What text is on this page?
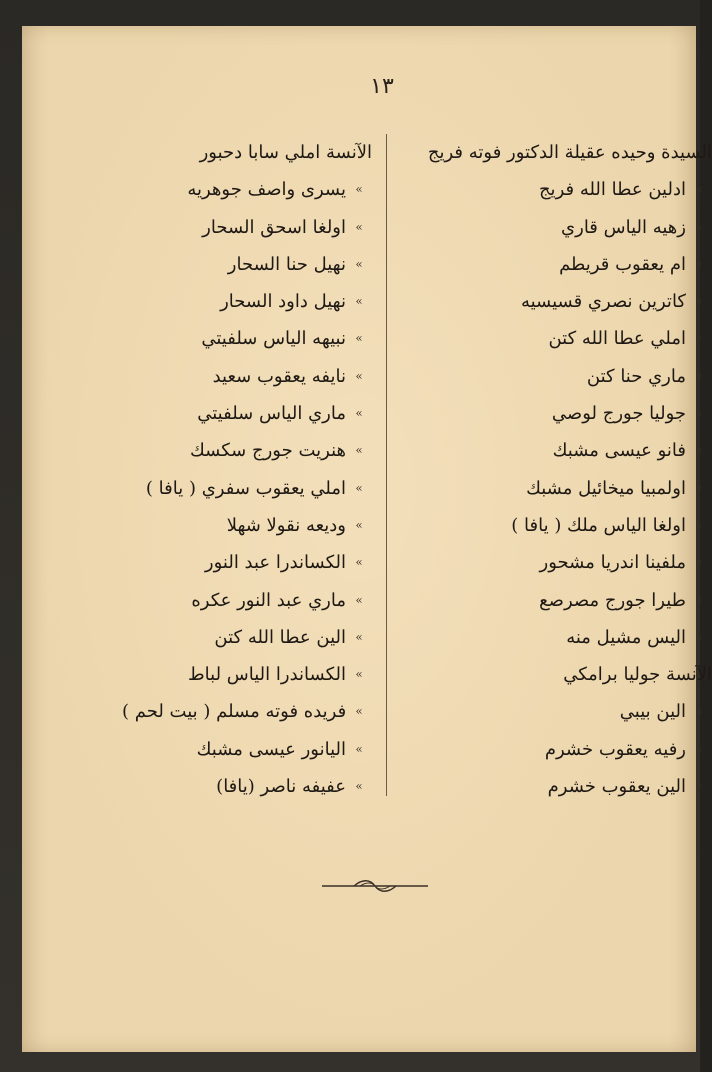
١٣
السيدة وحيده عقيلة الدكتور فوته فريج
»
ادلين عطا الله فريج
»
زهيه الياس قاري
»
ام يعقوب قريطم
»
كاترين نصري قسيسيه
»
املي عطا الله كتن
»
ماري حنا كتن
»
جوليا جورج لوصي
»
فانو عيسى مشبك
»
اولمبيا ميخائيل مشبك
»
اولغا الياس ملك ( يافا )
»
ملفينا اندريا مشحور
»
طيرا جورج مصرصع
»
اليس مشيل منه
الآنسة جوليا برامكي
»
الين بيبي
»
رفيه يعقوب خشرم
»
الين يعقوب خشرم
الآنسة املي سابا دحبور
»
يسرى واصف جوهريه
»
اولغا اسحق السحار
»
نهيل حنا السحار
»
نهيل داود السحار
»
نبيهه الياس سلفيتي
»
نايفه يعقوب سعيد
»
ماري الياس سلفيتي
»
هنريت جورج سكسك
»
املي يعقوب سفري ( يافا )
»
وديعه نقولا شهلا
»
الكساندرا عبد النور
»
ماري عبد النور عكره
»
الين عطا الله كتن
»
الكساندرا الياس لباط
»
فريده فوته مسلم ( بيت لحم )
»
اليانور عيسى مشبك
»
عفيفه ناصر (يافا)
